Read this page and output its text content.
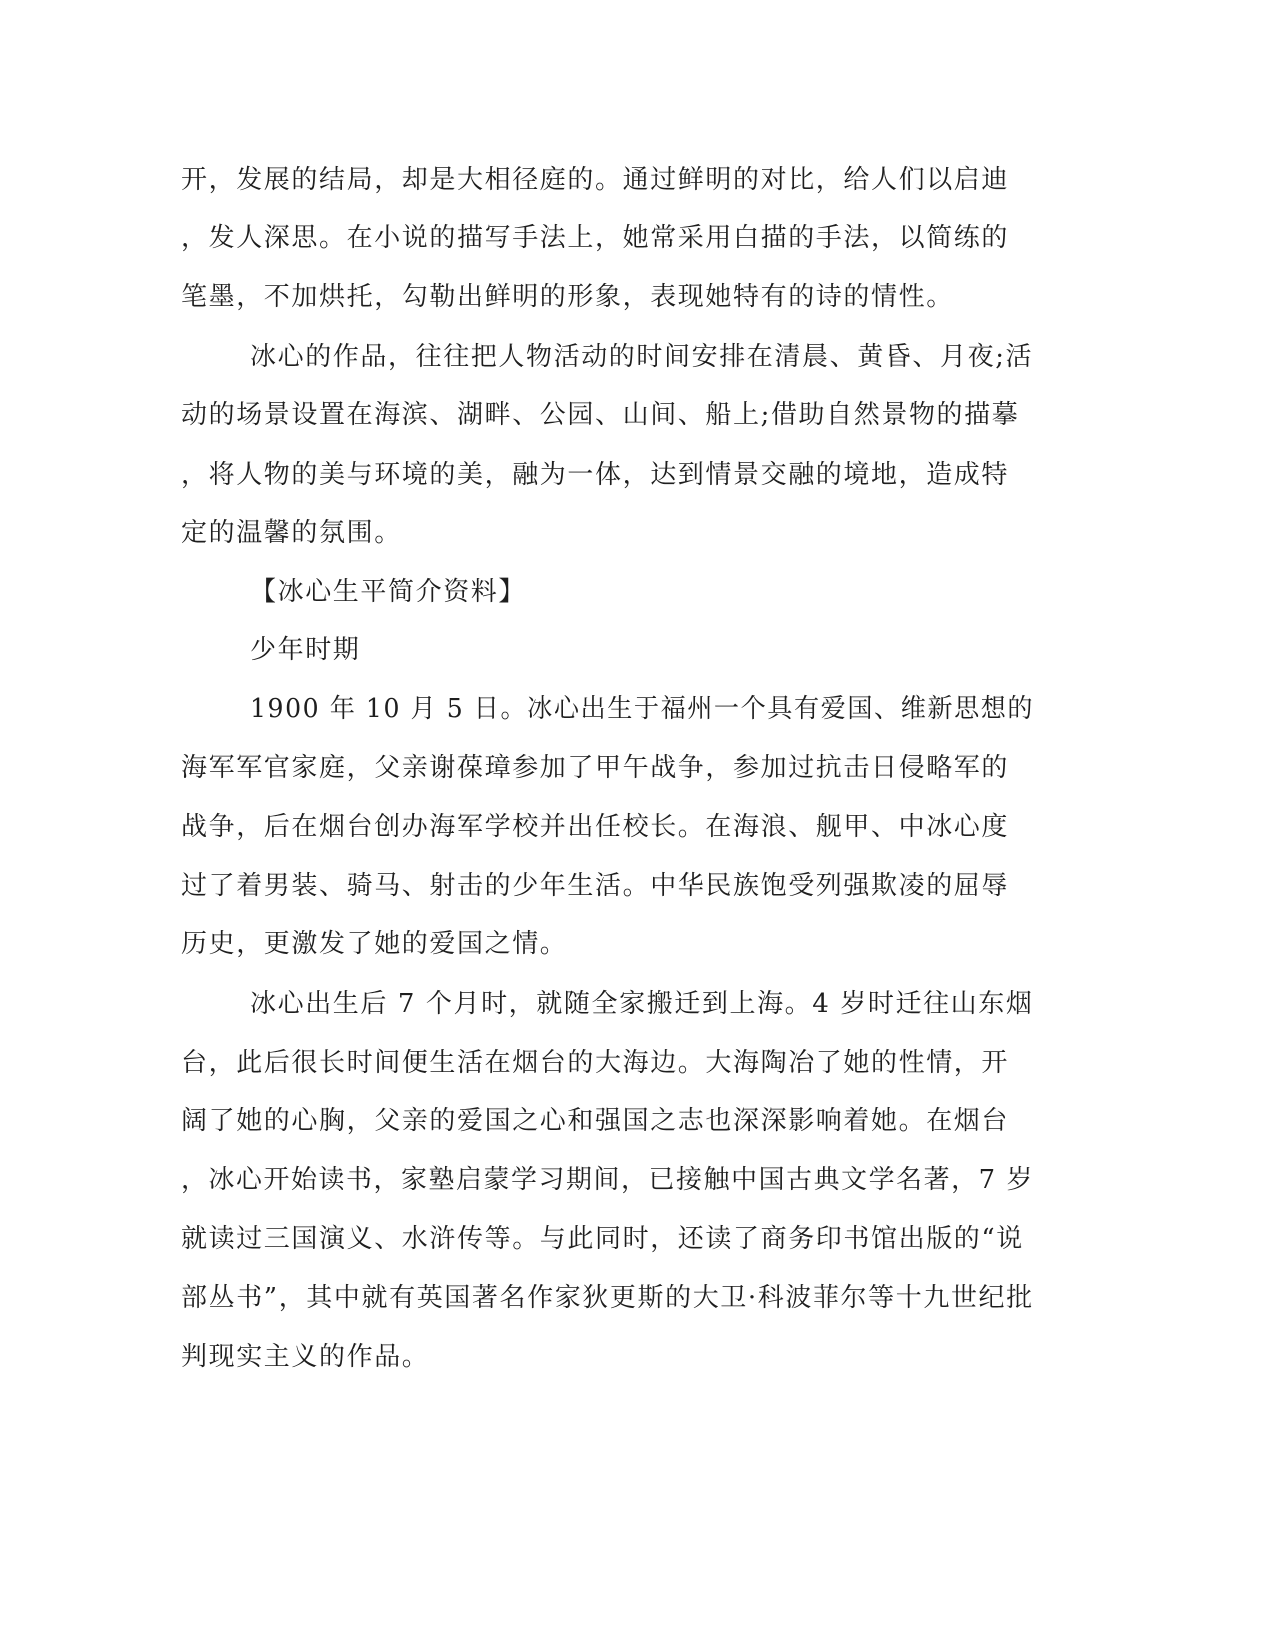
开，发展的结局，却是大相径庭的。通过鲜明的对比，给人们以启迪
，发人深思。在小说的描写手法上，她常采用白描的手法，以简练的
笔墨，不加烘托，勾勒出鲜明的形象，表现她特有的诗的情性。
冰心的作品，往往把人物活动的时间安排在清晨、黄昏、月夜;活
动的场景设置在海滨、湖畔、公园、山间、船上;借助自然景物的描摹
，将人物的美与环境的美，融为一体，达到情景交融的境地，造成特
定的温馨的氛围。
【冰心生平简介资料】
少年时期
1900 年 10 月 5 日。冰心出生于福州一个具有爱国、维新思想的
海军军官家庭，父亲谢葆璋参加了甲午战争，参加过抗击日侵略军的
战争，后在烟台创办海军学校并出任校长。在海浪、舰甲、中冰心度
过了着男装、骑马、射击的少年生活。中华民族饱受列强欺凌的屈辱
历史，更激发了她的爱国之情。
冰心出生后 7 个月时，就随全家搬迁到上海。4 岁时迁往山东烟
台，此后很长时间便生活在烟台的大海边。大海陶冶了她的性情，开
阔了她的心胸，父亲的爱国之心和强国之志也深深影响着她。在烟台
，冰心开始读书，家塾启蒙学习期间，已接触中国古典文学名著，7 岁
就读过三国演义、水浒传等。与此同时，还读了商务印书馆出版的“说
部丛书”，其中就有英国著名作家狄更斯的大卫·科波菲尔等十九世纪批
判现实主义的作品。
